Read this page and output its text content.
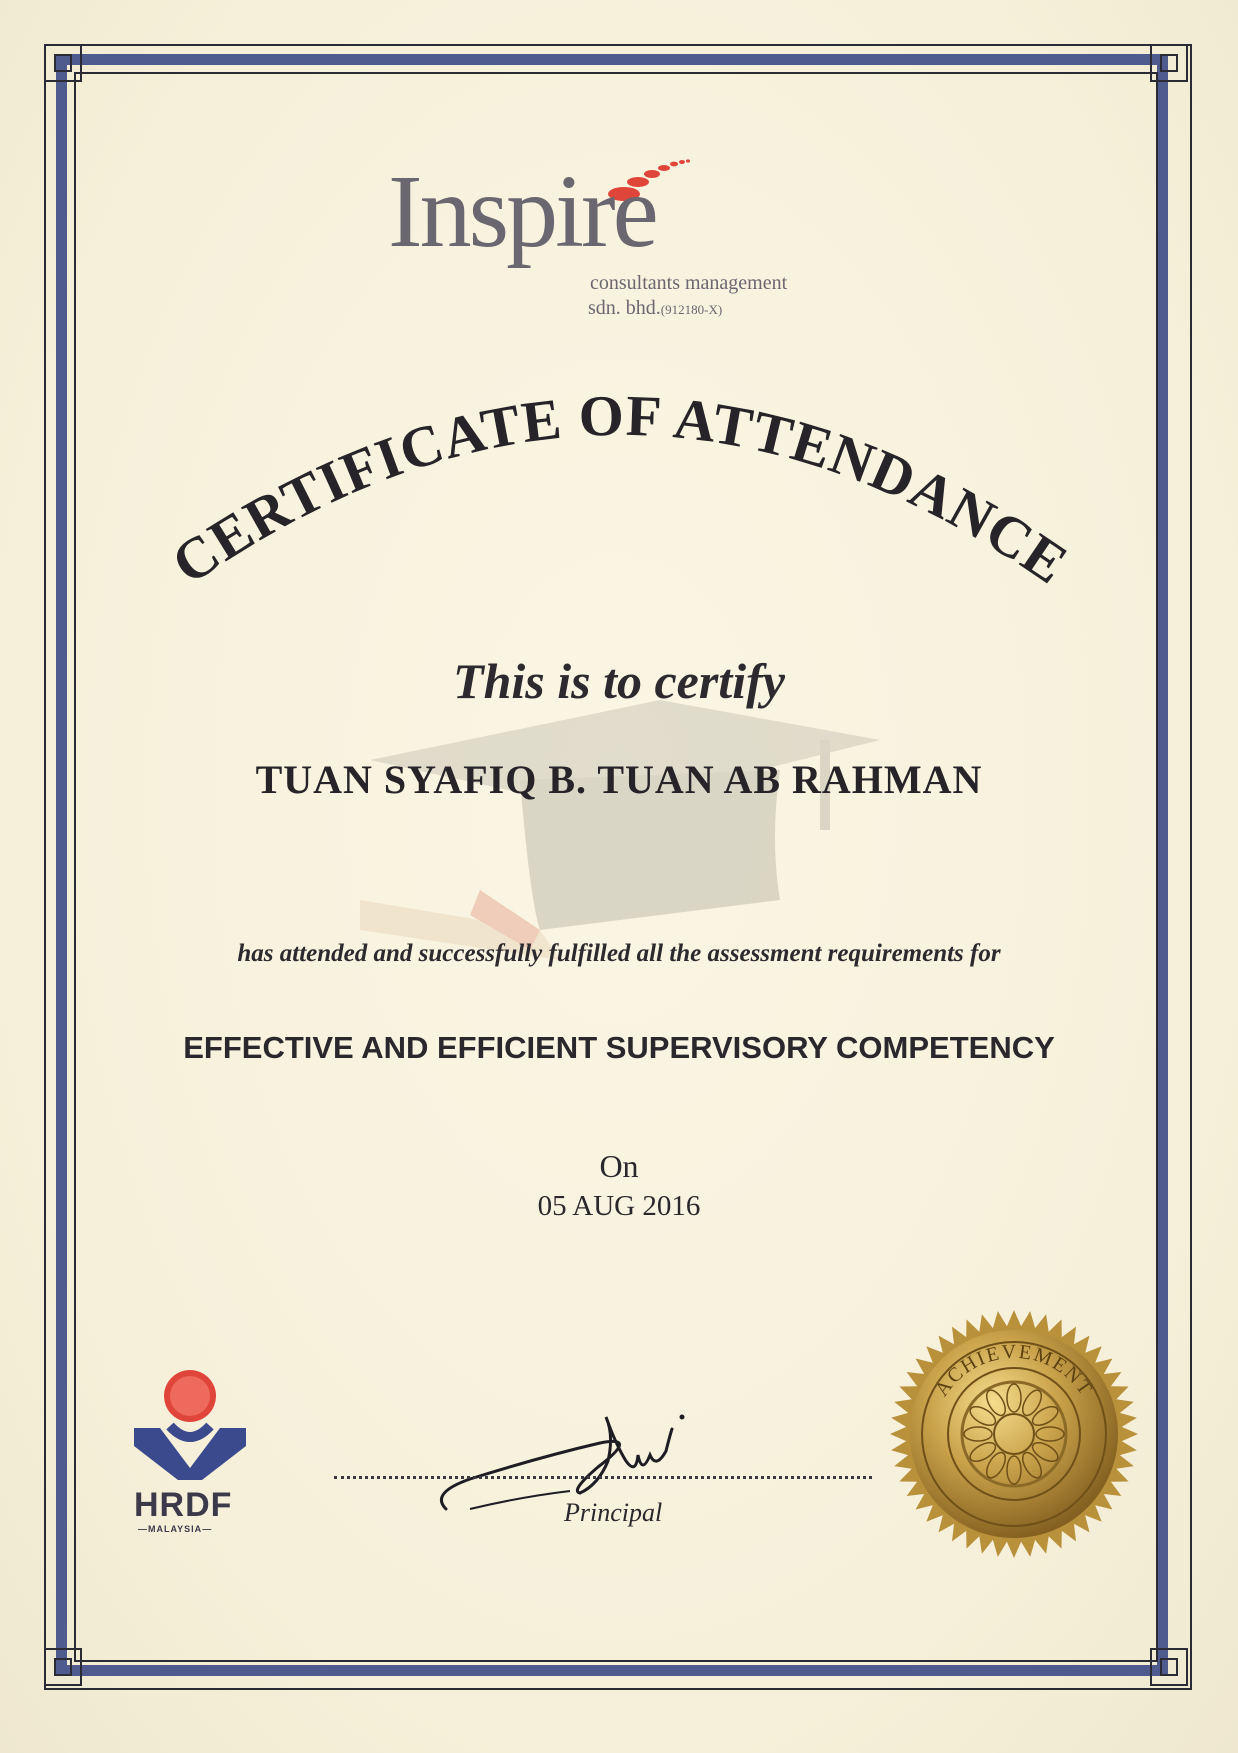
Inspire
consultants management
sdn. bhd.(912180-X)
CERTIFICATE OF ATTENDANCE
This is to certify
TUAN SYAFIQ B. TUAN AB RAHMAN
has attended and successfully fulfilled all the assessment requirements for
EFFECTIVE AND EFFICIENT SUPERVISORY COMPETENCY
On
05 AUG 2016
HRDF
—MALAYSIA—
Principal
ACHIEVEMENT
